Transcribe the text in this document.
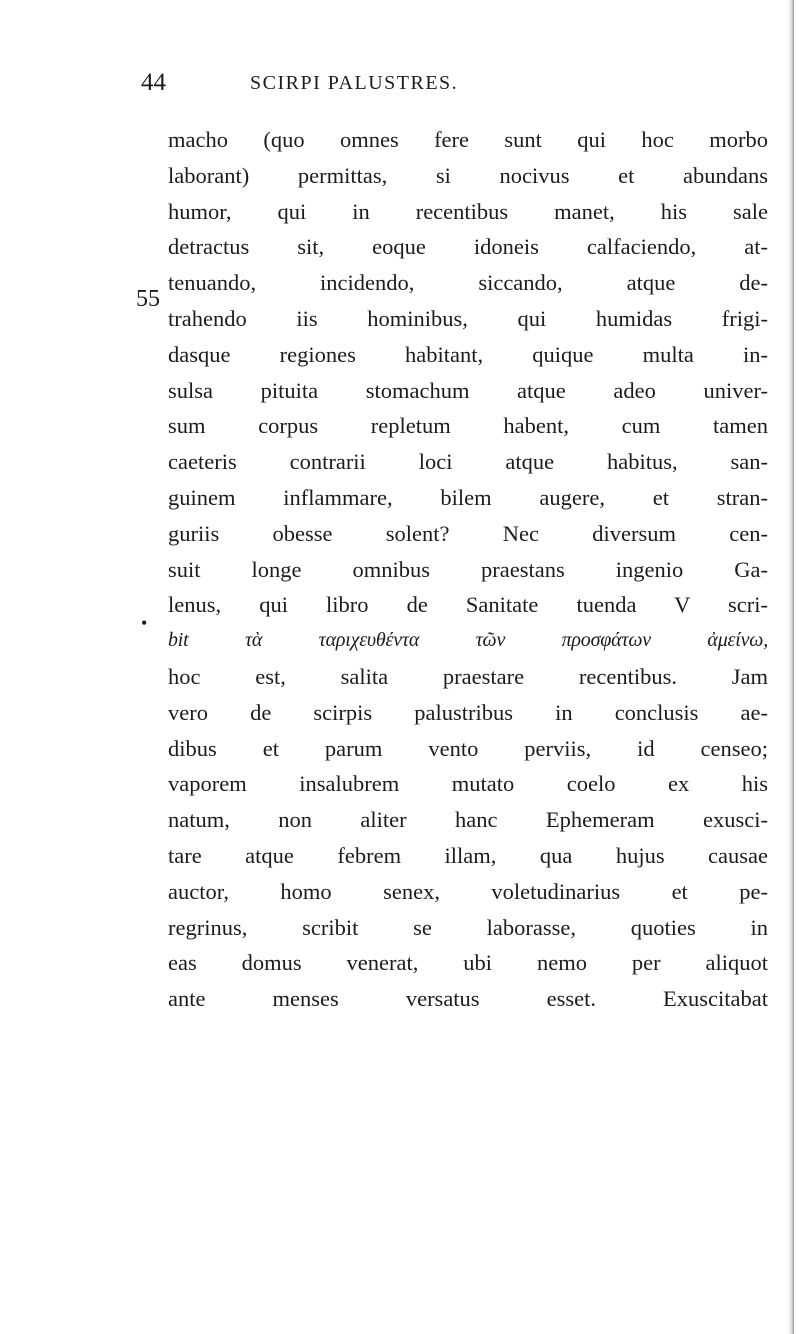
44	SCIRPI PALUSTRES.
55
•
macho (quo omnes fere sunt qui hoc morbo
laborant) permittas, si nocivus et abundans
humor, qui in recentibus manet, his sale
detractus sit, eoque idoneis calfaciendo, at-
tenuando, incidendo, siccando, atque de-
trahendo iis hominibus, qui humidas frigi-
dasque regiones habitant, quique multa in-
sulsa pituita stomachum atque adeo univer-
sum corpus repletum habent, cum tamen
caeteris contrarii loci atque habitus, san-
guinem inflammare, bilem augere, et stran-
guriis obesse solent? Nec diversum cen-
suit longe omnibus praestans ingenio Ga-
lenus, qui libro de Sanitate tuenda V scri-
bit τὰ ταριχευθέντα τῶν προσφάτων ἀμείνω,
hoc est, salita praestare recentibus. Jam
vero de scirpis palustribus in conclusis ae-
dibus et parum vento perviis, id censeo;
vaporem insalubrem mutato coelo ex his
natum, non aliter hanc Ephemeram exusci-
tare atque febrem illam, qua hujus causae
auctor, homo senex, voletudinarius et pe-
regrinus, scribit se laborasse, quoties in
eas domus venerat, ubi nemo per aliquot
ante menses versatus esset. Exuscitabat
